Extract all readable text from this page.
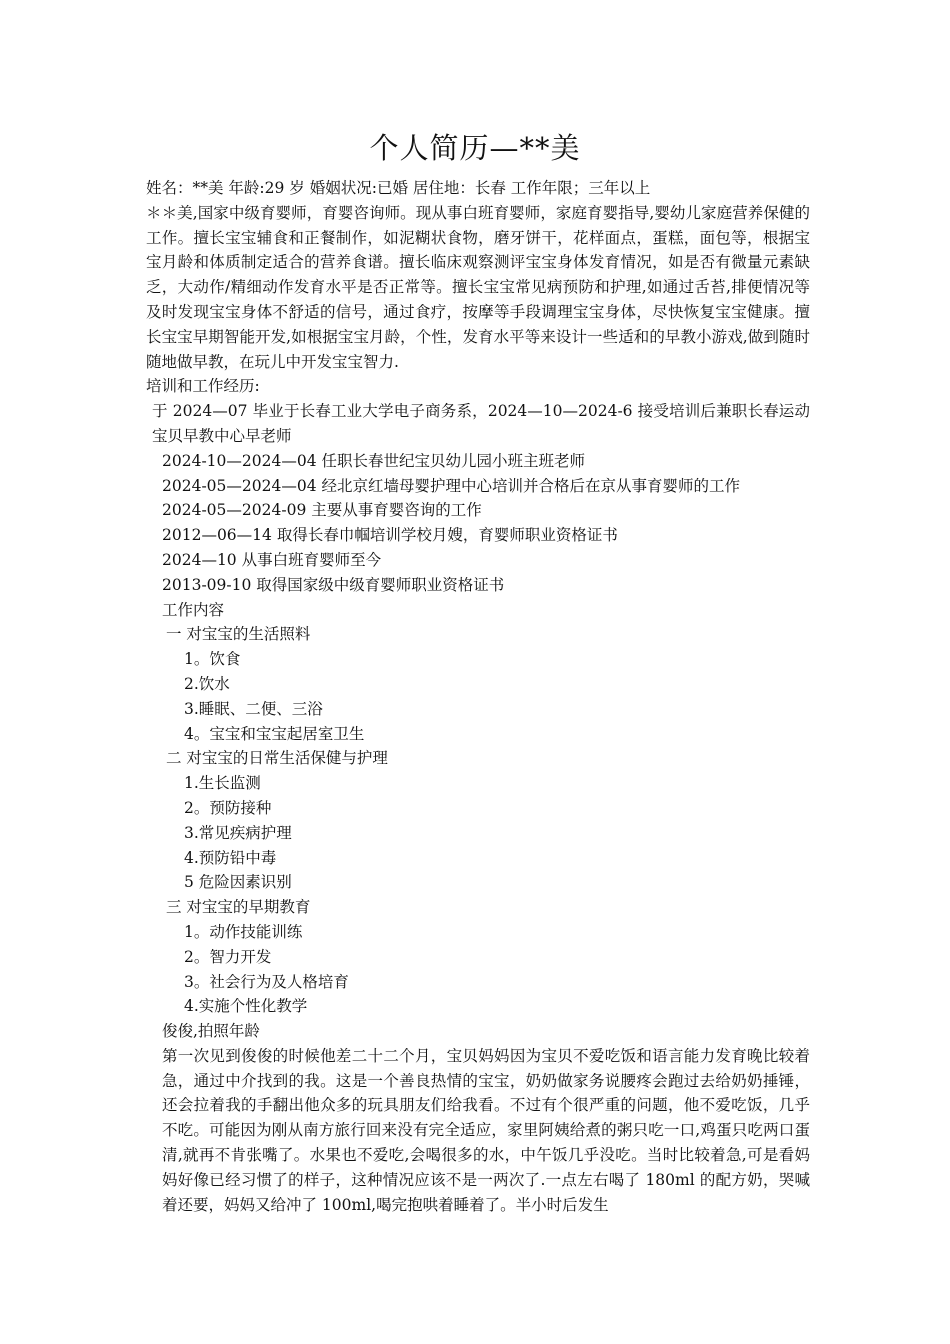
个人简历—**美
姓名：**美 年龄:29 岁 婚姻状况:已婚 居住地：长春 工作年限；三年以上
＊＊美,国家中级育婴师，育婴咨询师。现从事白班育婴师，家庭育婴指导,婴幼儿家庭营养保健的工作。擅长宝宝辅食和正餐制作，如泥糊状食物，磨牙饼干，花样面点，蛋糕，面包等，根据宝宝月龄和体质制定适合的营养食谱。擅长临床观察测评宝宝身体发育情况，如是否有微量元素缺乏，大动作/精细动作发育水平是否正常等。擅长宝宝常见病预防和护理,如通过舌苔,排便情况等及时发现宝宝身体不舒适的信号，通过食疗，按摩等手段调理宝宝身体，尽快恢复宝宝健康。擅长宝宝早期智能开发,如根据宝宝月龄，个性，发育水平等来设计一些适和的早教小游戏,做到随时随地做早教，在玩儿中开发宝宝智力.
培训和工作经历:
于 2024—07 毕业于长春工业大学电子商务系，2024—10—2024-6 接受培训后兼职长春运动宝贝早教中心早老师
2024-10—2024—04 任职长春世纪宝贝幼儿园小班主班老师
2024-05—2024—04 经北京红墙母婴护理中心培训并合格后在京从事育婴师的工作
2024-05—2024-09 主要从事育婴咨询的工作
2012—06—14 取得长春巾帼培训学校月嫂，育婴师职业资格证书
2024—10 从事白班育婴师至今
2013-09-10 取得国家级中级育婴师职业资格证书
工作内容
一 对宝宝的生活照料
1。饮食
2.饮水
3.睡眠、二便、三浴
4。宝宝和宝宝起居室卫生
二 对宝宝的日常生活保健与护理
1.生长监测
2。预防接种
3.常见疾病护理
4.预防铅中毒
5 危险因素识别
三 对宝宝的早期教育
1。动作技能训练
2。智力开发
3。社会行为及人格培育
4.实施个性化教学
俊俊,拍照年龄
第一次见到俊俊的时候他差二十二个月，宝贝妈妈因为宝贝不爱吃饭和语言能力发育晚比较着急，通过中介找到的我。这是一个善良热情的宝宝，奶奶做家务说腰疼会跑过去给奶奶捶锤，还会拉着我的手翻出他众多的玩具朋友们给我看。不过有个很严重的问题，他不爱吃饭，几乎不吃。可能因为刚从南方旅行回来没有完全适应，家里阿姨给煮的粥只吃一口,鸡蛋只吃两口蛋清,就再不肯张嘴了。水果也不爱吃,会喝很多的水，中午饭几乎没吃。当时比较着急,可是看妈妈好像已经习惯了的样子，这种情况应该不是一两次了.一点左右喝了 180ml 的配方奶，哭喊着还要，妈妈又给冲了 100ml,喝完抱哄着睡着了。半小时后发生
